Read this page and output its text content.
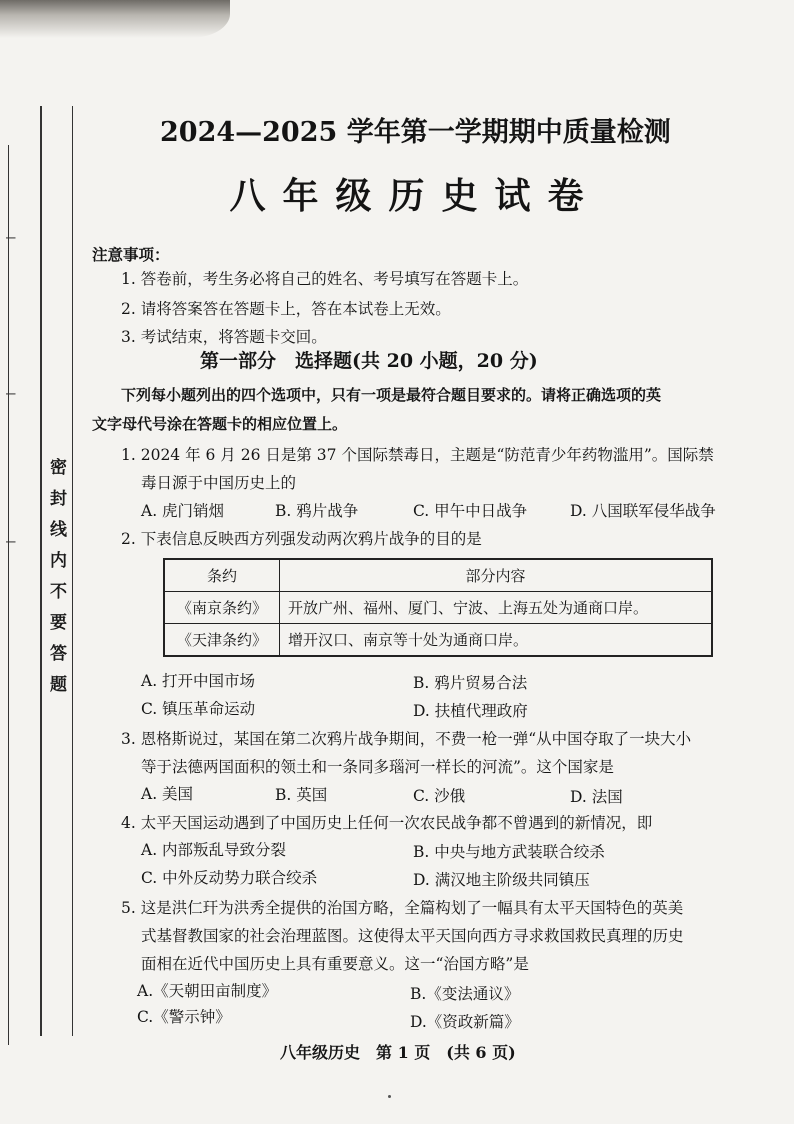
ǀ
ǀ
ǀ 密封线内不要答题
2024—2025 学年第一学期期中质量检测
八年级历史试卷
注意事项：
1. 答卷前，考生务必将自己的姓名、考号填写在答题卡上。
2. 请将答案答在答题卡上，答在本试卷上无效。
3. 考试结束，将答题卡交回。
第一部分　选择题(共 20 小题，20 分)
下列每小题列出的四个选项中，只有一项是最符合题目要求的。请将正确选项的英
文字母代号涂在答题卡的相应位置上。
1. 2024 年 6 月 26 日是第 37 个国际禁毒日，主题是“防范青少年药物滥用”。国际禁
毒日源于中国历史上的
A. 虎门销烟	B. 鸦片战争	C. 甲午中日战争	D. 八国联军侵华战争
2. 下表信息反映西方列强发动两次鸦片战争的目的是
条约	部分内容
《南京条约》	开放广州、福州、厦门、宁波、上海五处为通商口岸。
《天津条约》	增开汉口、南京等十处为通商口岸。
A. 打开中国市场	B. 鸦片贸易合法
C. 镇压革命运动	D. 扶植代理政府
3. 恩格斯说过，某国在第二次鸦片战争期间，不费一枪一弹“从中国夺取了一块大小
等于法德两国面积的领土和一条同多瑙河一样长的河流”。这个国家是
A. 美国	B. 英国	C. 沙俄	D. 法国
4. 太平天国运动遇到了中国历史上任何一次农民战争都不曾遇到的新情况，即
A. 内部叛乱导致分裂	B. 中央与地方武装联合绞杀
C. 中外反动势力联合绞杀	D. 满汉地主阶级共同镇压
5. 这是洪仁玕为洪秀全提供的治国方略，全篇构划了一幅具有太平天国特色的英美
式基督教国家的社会治理蓝图。这使得太平天国向西方寻求救国救民真理的历史
面相在近代中国历史上具有重要意义。这一“治国方略”是
A.《天朝田亩制度》	B.《变法通议》
C.《警示钟》	D.《资政新篇》
八年级历史　第 1 页　(共 6 页)
